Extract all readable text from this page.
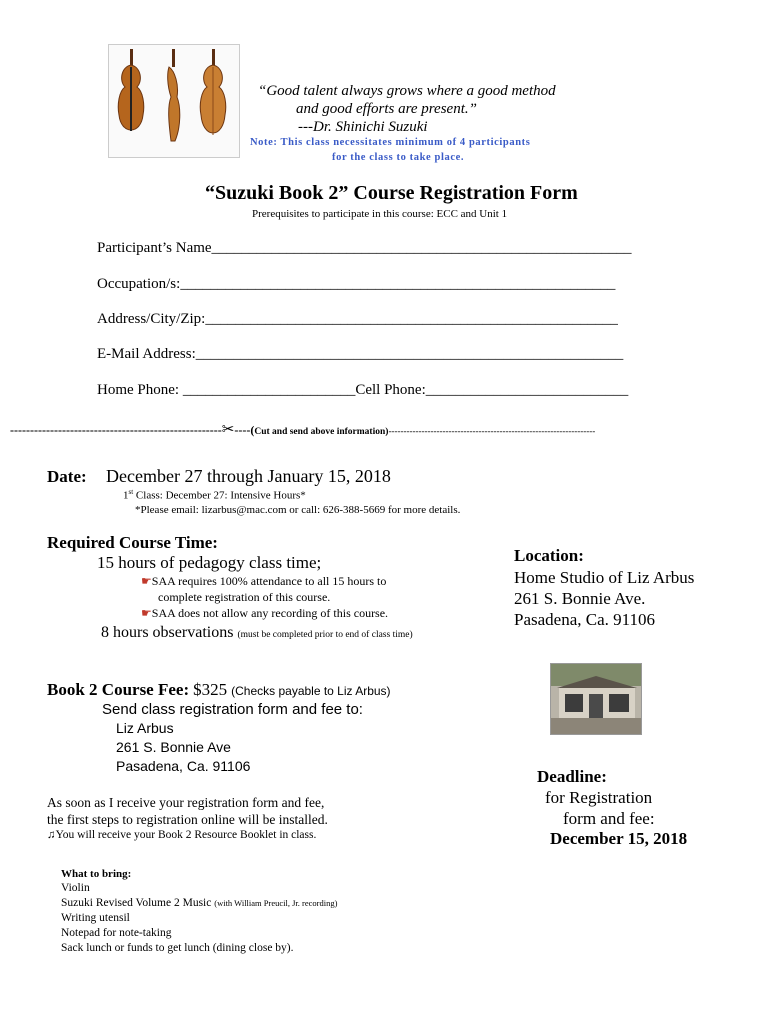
“Good talent always grows where a good method
and good efforts are present.”
---Dr. Shinichi Suzuki
Note: This class necessitates minimum of 4 participants
for the class to take place.
“Suzuki Book 2” Course Registration Form
Prerequisites to participate in this course: ECC and Unit 1
Participant’s Name________________________________________________________
Occupation/s:__________________________________________________________
Address/City/Zip:_______________________________________________________
E-Mail Address:_________________________________________________________
Home Phone: _______________________Cell Phone:___________________________
-----------------------------------------------------✂----(Cut and send above information)---------------------------------------------------------------------
Date: December 27 through January 15, 2018
1st Class: December 27: Intensive Hours*
*Please email: lizarbus@mac.com or call: 626-388-5669 for more details.
Required Course Time:
15 hours of pedagogy class time;
☛SAA requires 100% attendance to all 15 hours to
complete registration of this course.
☛SAA does not allow any recording of this course.
8 hours observations (must be completed prior to end of class time)
Location:
Home Studio of Liz Arbus
261 S. Bonnie Ave.
Pasadena, Ca. 91106
Book 2 Course Fee: $325 (Checks payable to Liz Arbus)
Send class registration form and fee to:
Liz Arbus
261 S. Bonnie Ave
Pasadena, Ca. 91106
As soon as I receive your registration form and fee,
the first steps to registration online will be installed.
♫You will receive your Book 2 Resource Booklet in class.
Deadline:
for Registration
form and fee:
December 15, 2018
What to bring:
Violin
Suzuki Revised Volume 2 Music (with William Preucil, Jr. recording)
Writing utensil
Notepad for note-taking
Sack lunch or funds to get lunch (dining close by).
